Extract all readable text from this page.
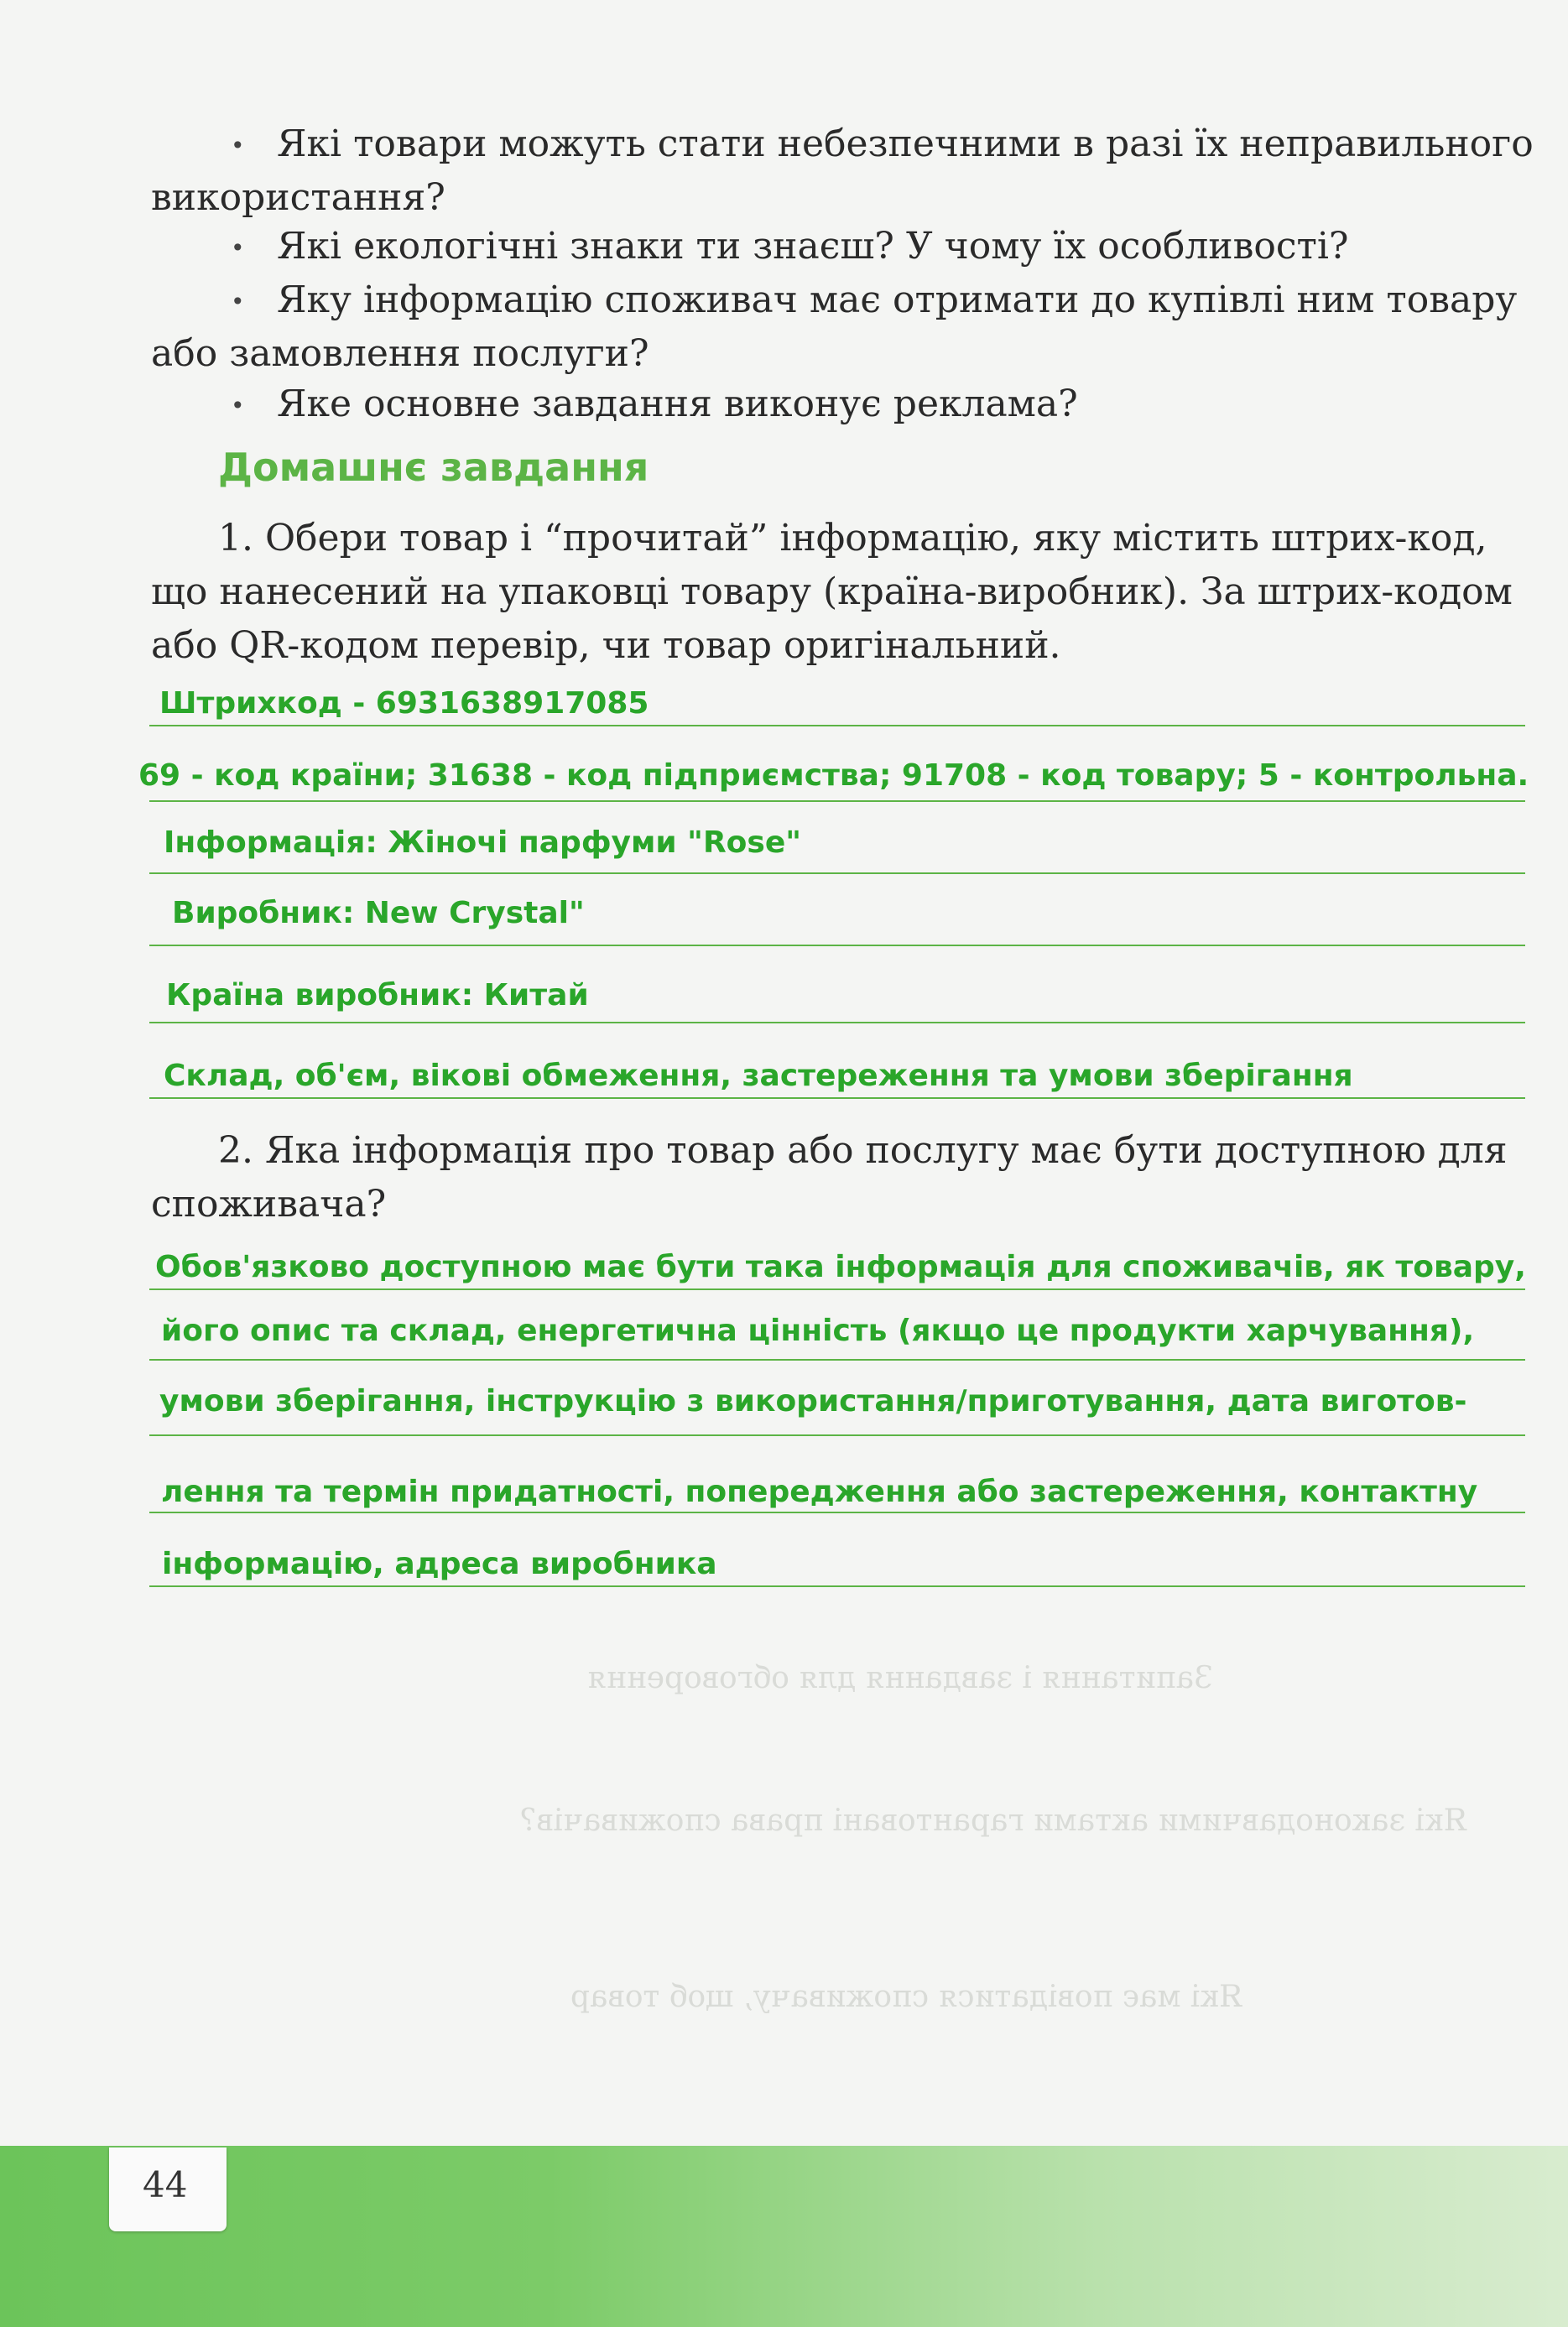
Запитання і завдання для обговорення
Які законодавчими актами гарантовані права споживачів?
Які має повідатися споживачу, щоб товар
• Які товари можуть стати небезпечними в разі їх неправильного
використання?
• Які екологічні знаки ти знаєш? У чому їх особливості?
• Яку інформацію споживач має отримати до купівлі ним товару
або замовлення послуги?
• Яке основне завдання виконує реклама?
Домашнє завдання
1. Обери товар і “прочитай” інформацію, яку містить штрих-код,
що нанесений на упаковці товару (країна-виробник). За штрих-кодом
або QR-кодом перевір, чи товар оригінальний.
Штрихкод - 6931638917085
69 - код країни; 31638 - код підприємства; 91708 - код товару; 5 - контрольна.
Інформація: Жіночі парфуми "Rose"
Виробник: New Crystal"
Країна виробник: Китай
Склад, об'єм, вікові обмеження, застереження та умови зберігання
2. Яка інформація про товар або послугу має бути доступною для
споживача?
Обов'язково доступною має бути така інформація для споживачів, як товару,
його опис та склад, енергетична цінність (якщо це продукти харчування),
умови зберігання, інструкцію з використання/приготування, дата виготов-
лення та термін придатності, попередження або застереження, контактну
інформацію, адреса виробника
44
